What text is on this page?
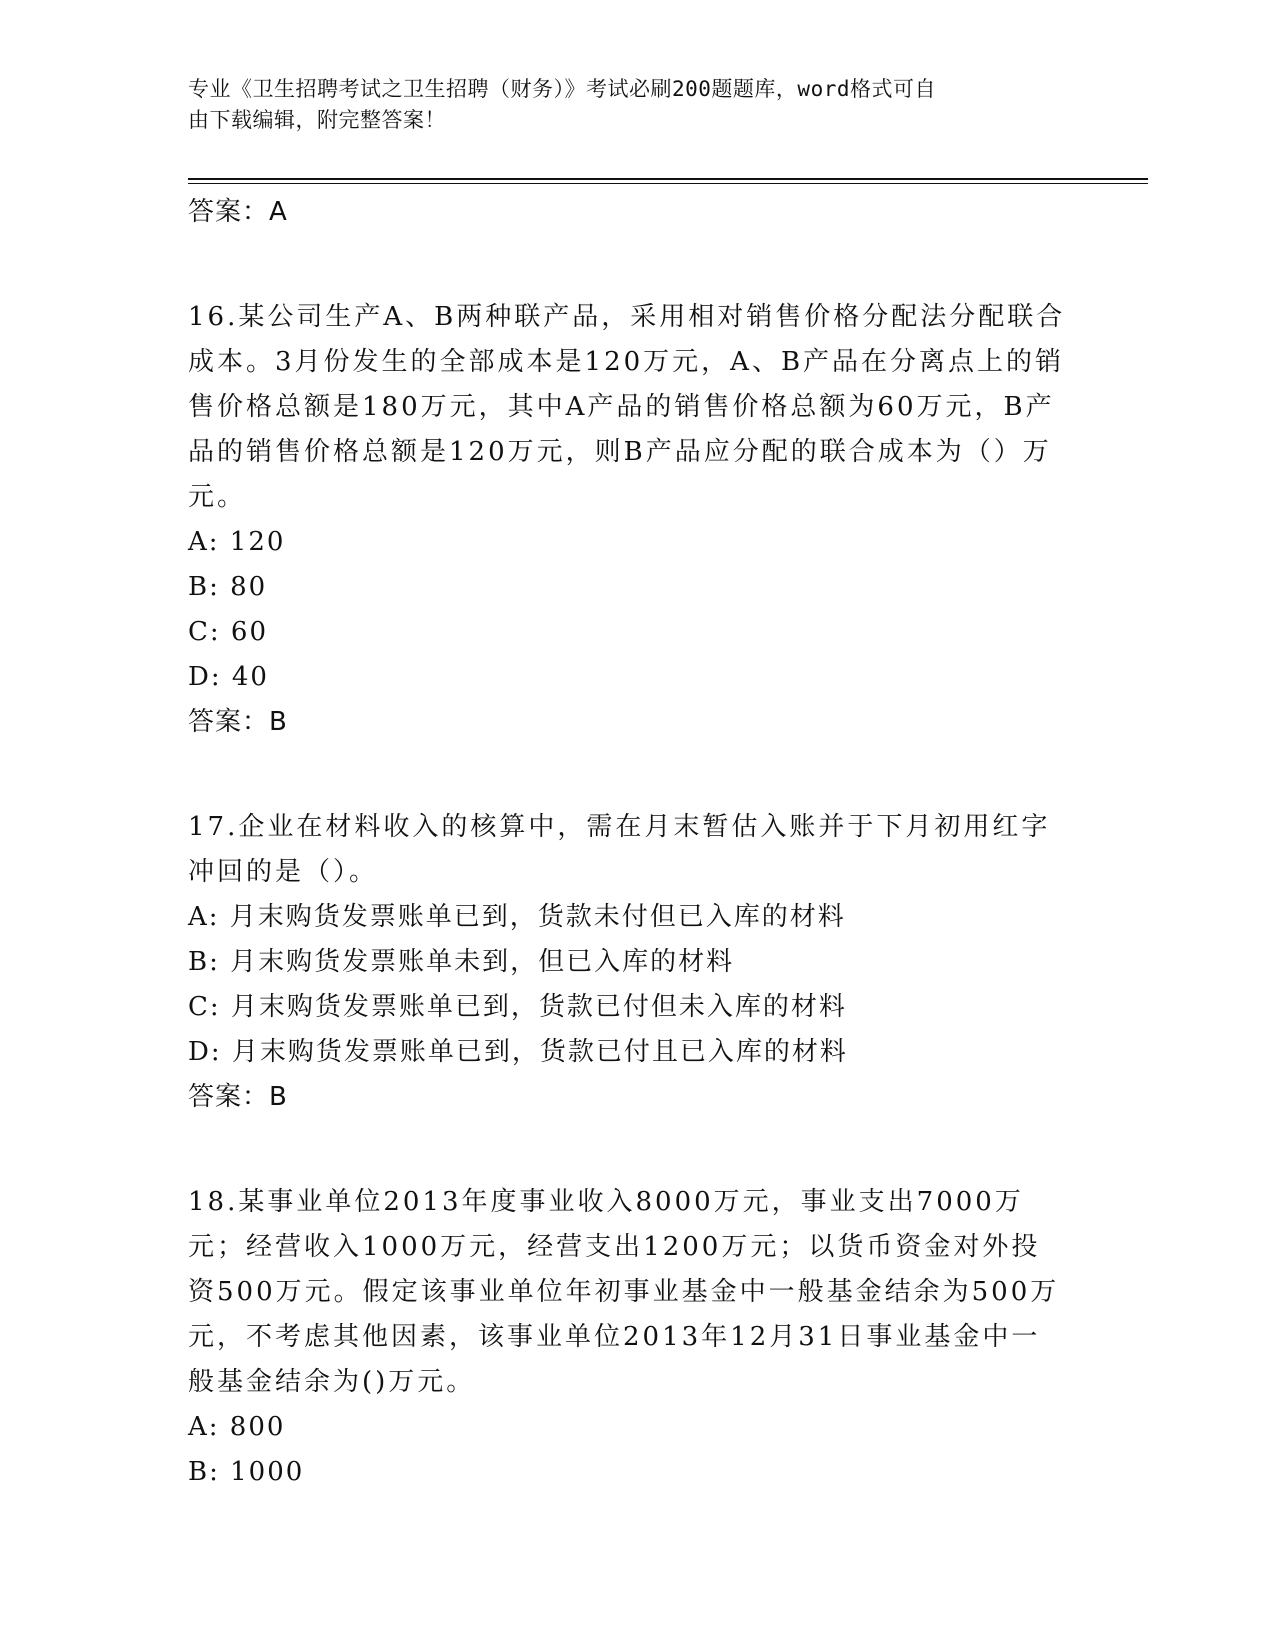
专业《卫生招聘考试之卫生招聘（财务）》考试必刷200题题库，word格式可自
由下载编辑，附完整答案！
答案：A

16.某公司生产A、B两种联产品，采用相对销售价格分配法分配联合成本。3月份发生的全部成本是120万元，A、B产品在分离点上的销售价格总额是180万元，其中A产品的销售价格总额为60万元，B产品的销售价格总额是120万元，则B产品应分配的联合成本为（）万元。

A: 120
B: 80
C: 60
D: 40
答案：B

17.企业在材料收入的核算中，需在月末暂估入账并于下月初用红字冲回的是（）。

A: 月末购货发票账单已到，货款未付但已入库的材料
B: 月末购货发票账单未到，但已入库的材料
C: 月末购货发票账单已到，货款已付但未入库的材料
D: 月末购货发票账单已到，货款已付且已入库的材料
答案：B

18.某事业单位2013年度事业收入8000万元，事业支出7000万元；经营收入1000万元，经营支出1200万元；以货币资金对外投资500万元。假定该事业单位年初事业基金中一般基金结余为500万元，不考虑其他因素，该事业单位2013年12月31日事业基金中一般基金结余为()万元。

A: 800
B: 1000
